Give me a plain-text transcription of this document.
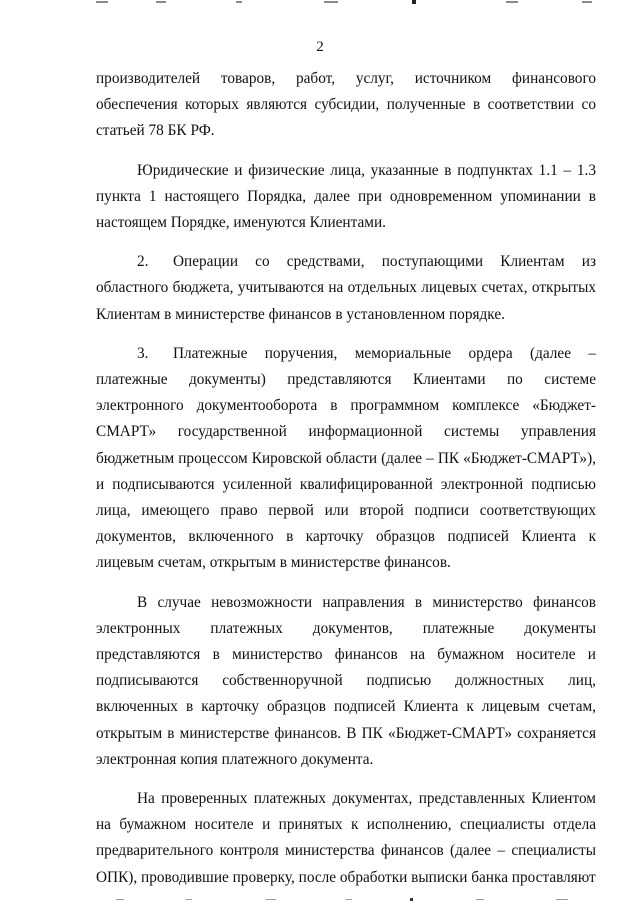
2

производителей товаров, работ, услуг, источником финансового обеспечения которых являются субсидии, полученные в соответствии со статьей 78 БК РФ.

Юридические и физические лица, указанные в подпунктах 1.1 – 1.3 пункта 1 настоящего Порядка, далее при одновременном упоминании в настоящем Порядке, именуются Клиентами.

2. Операции со средствами, поступающими Клиентам из областного бюджета, учитываются на отдельных лицевых счетах, открытых Клиентам в министерстве финансов в установленном порядке.

3. Платежные поручения, мемориальные ордера (далее – платежные документы) представляются Клиентами по системе электронного документооборота в программном комплексе «Бюджет-СМАРТ» государственной информационной системы управления бюджетным процессом Кировской области (далее – ПК «Бюджет-СМАРТ»), и подписываются усиленной квалифицированной электронной подписью лица, имеющего право первой или второй подписи соответствующих документов, включенного в карточку образцов подписей Клиента к лицевым счетам, открытым в министерстве финансов.

В случае невозможности направления в министерство финансов электронных платежных документов, платежные документы представляются в министерство финансов на бумажном носителе и подписываются собственноручной подписью должностных лиц, включенных в карточку образцов подписей Клиента к лицевым счетам, открытым в министерстве финансов. В ПК «Бюджет-СМАРТ» сохраняется электронная копия платежного документа.

На проверенных платежных документах, представленных Клиентом на бумажном носителе и принятых к исполнению, специалисты отдела предварительного контроля министерства финансов (далее – специалисты ОПК), проводившие проверку, после обработки выписки банка проставляют
